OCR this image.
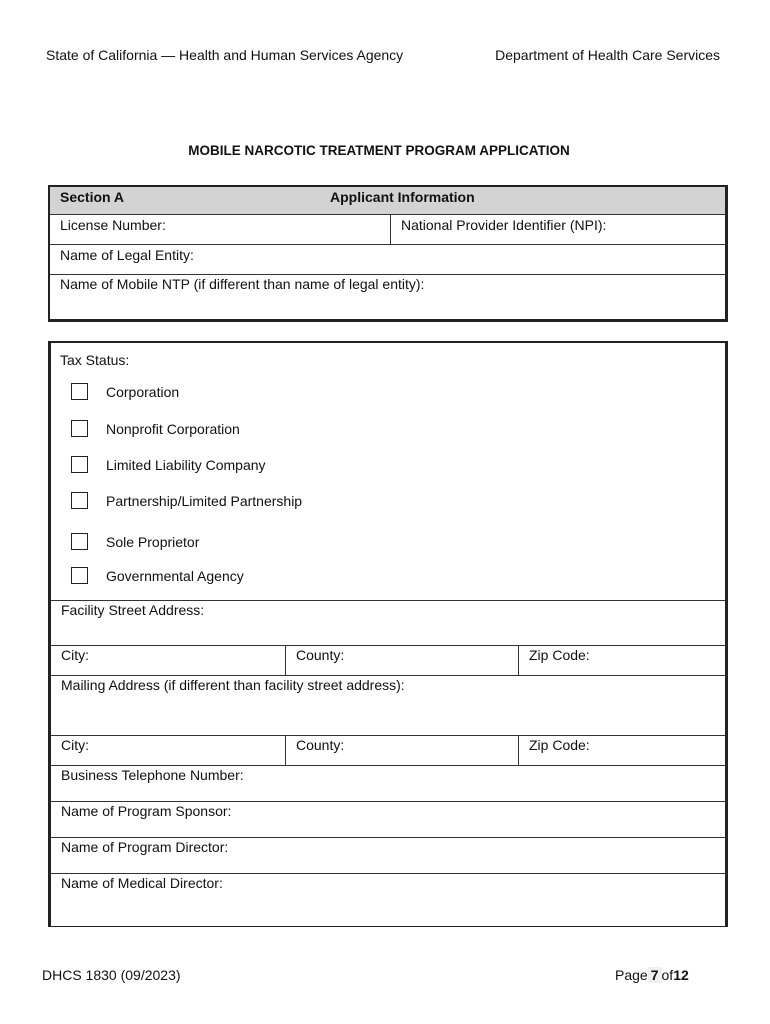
State of California — Health and Human Services Agency	Department of Health Care Services
MOBILE NARCOTIC TREATMENT PROGRAM APPLICATION
Section A	Applicant Information
License Number:	National Provider Identifier (NPI):
Name of Legal Entity:
Name of Mobile NTP (if different than name of legal entity):
Tax Status:
Corporation
Nonprofit Corporation
Limited Liability Company
Partnership/Limited Partnership
Sole Proprietor
Governmental Agency
Facility Street Address:
City:	County:	Zip Code:
Mailing Address (if different than facility street address):
City:	County:	Zip Code:
Business Telephone Number:
Name of Program Sponsor:
Name of Program Director:
Name of Medical Director:
DHCS 1830 (09/2023)	Page 7 of12
